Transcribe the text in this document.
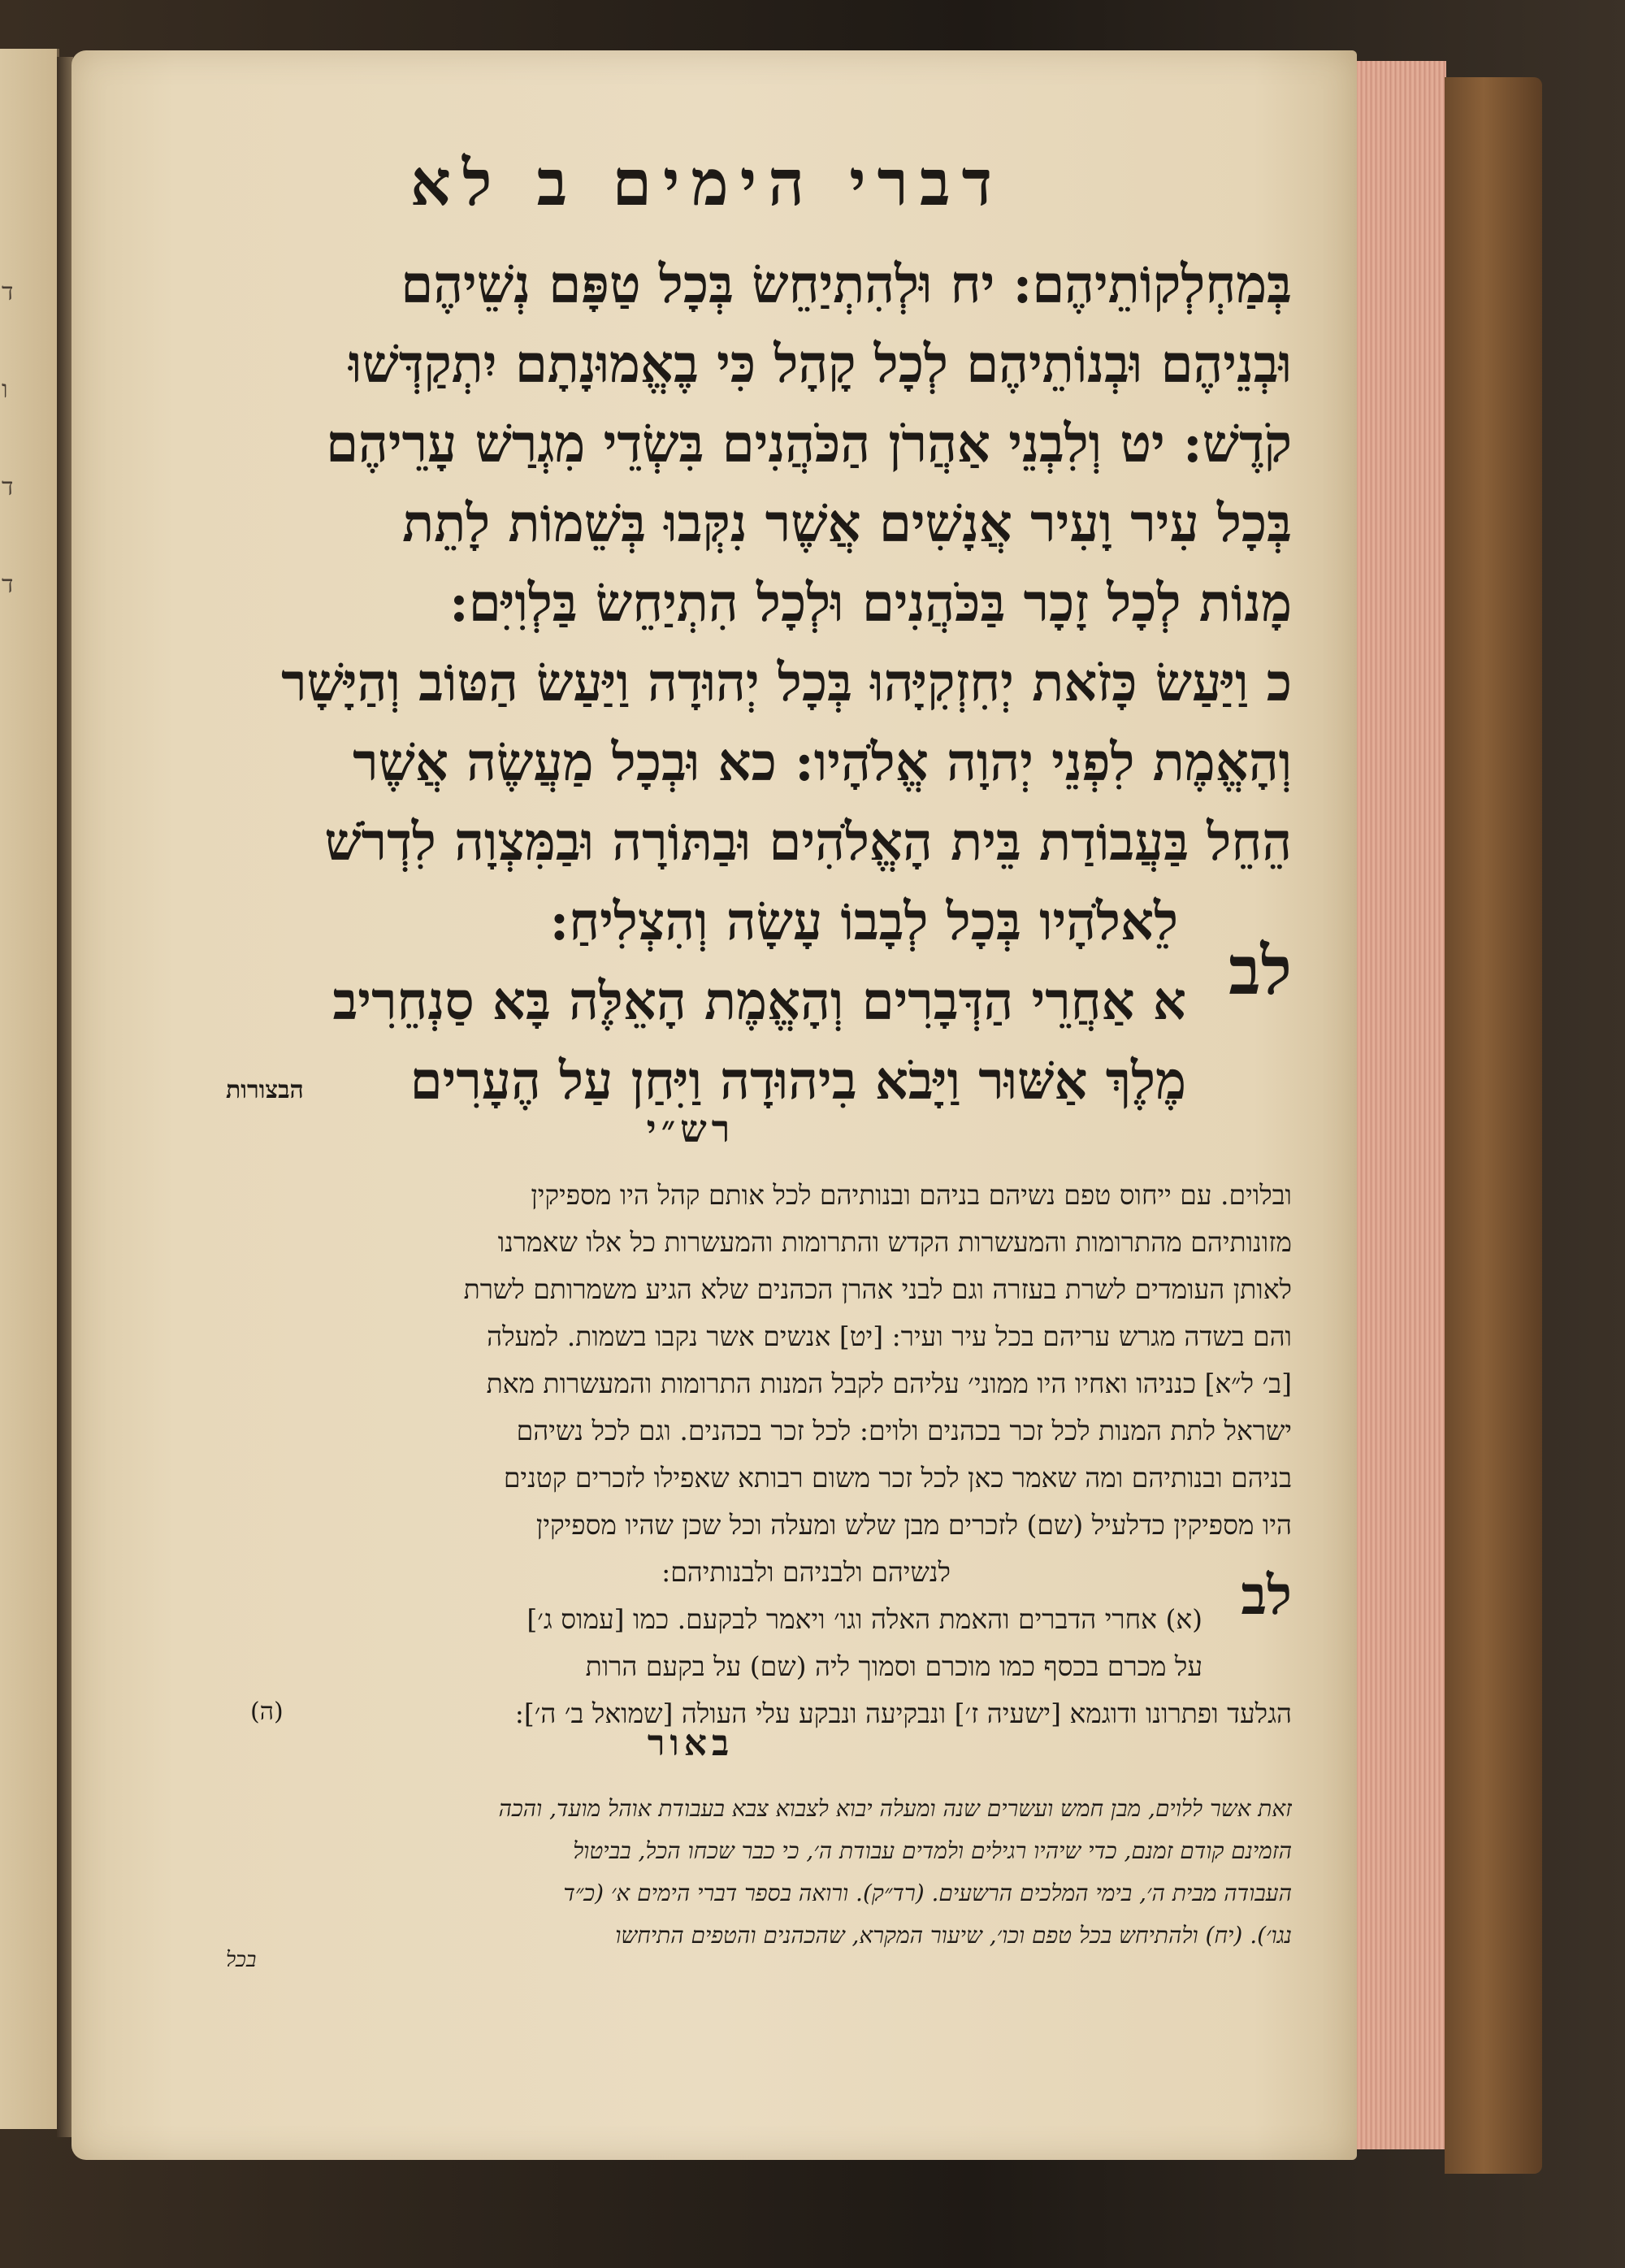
ד
ו
ד
ד
דברי הימים ב לא
בְּמַחְלְקוֹתֵיהֶם: יח וּלְהִתְיַחֵשׂ בְּכָל טַפָּם נְשֵׁיהֶם
וּבְנֵיהֶם וּבְנוֹתֵיהֶם לְכָל קָהָל כִּי בֶאֱמוּנָתָם יִתְקַדְּשׁוּ
קֹדֶשׁ: יט וְלִבְנֵי אַהֲרֹן הַכֹּהֲנִים בִּשְׂדֵי מִגְרַשׁ עָרֵיהֶם
בְּכָל עִיר וָעִיר אֲנָשִׁים אֲשֶׁר נִקְּבוּ בְּשֵׁמוֹת לָתֵת
מָנוֹת לְכָל זָכָר בַּכֹּהֲנִים וּלְכָל הִתְיַחֵשׂ בַּלְוִיִּם:
כ וַיַּעַשׂ כָּזֹאת יְחִזְקִיָּהוּ בְּכָל יְהוּדָה וַיַּעַשׂ הַטּוֹב וְהַיָּשָׁר
וְהָאֱמֶת לִפְנֵי יְהוָה אֱלֹהָיו: כא וּבְכָל מַעֲשֶׂה אֲשֶׁר
הֵחֵל בַּעֲבוֹדַת בֵּית הָאֱלֹהִים וּבַתּוֹרָה וּבַמִּצְוָה לִדְרֹשׁ
לֵאלֹהָיו בְּכָל לְבָבוֹ עָשָׂה וְהִצְלִיחַ:
א אַחֲרֵי הַדְּבָרִים וְהָאֱמֶת הָאֵלֶּה בָּא סַנְחֵרִיב
מֶלֶךְ אַשּׁוּר וַיָּבֹא בִיהוּדָה וַיִּחַן עַל הֶעָרִים
לב
הבצורות
רש״י
ובלוים. עם ייחוס טפם נשיהם בניהם ובנותיהם לכל אותם קהל היו מספיקין
מזונותיהם מהתרומות והמעשרות הקדש והתרומות והמעשרות כל אלו שאמרנו
לאותן העומדים לשרת בעזרה וגם לבני אהרן הכהנים שלא הגיע משמרותם לשרת
והם בשדה מגרש עריהם בכל עיר ועיר: [יט] אנשים אשר נקבו בשמות. למעלה
[ב׳ ל״א] כנניהו ואחיו היו ממוני׳ עליהם לקבל המנות התרומות והמעשרות מאת
ישראל לתת המנות לכל זכר בכהנים ולוים: לכל זכר בכהנים. וגם לכל נשיהם
בניהם ובנותיהם ומה שאמר כאן לכל זכר משום רבותא שאפילו לזכרים קטנים
היו מספיקין כדלעיל (שם) לזכרים מבן שלש ומעלה וכל שכן שהיו מספיקין
לנשיהם ולבניהם ולבנותיהם:
(א) אחרי הדברים והאמת האלה וגו׳ ויאמר לבקעם. כמו [עמוס ג׳]
על מכרם בכסף כמו מוכרם וסמוך ליה (שם) על בקעם הרות
הגלעד ופתרונו ודוגמא [ישעיה ז׳] ונבקיעה ונבקע עלי העולה [שמואל ב׳ ה׳]:
לב
(ה)
באור
זאת אשר ללוים, מבן חמש ועשרים שנה ומעלה יבוא לצבוא צבא בעבודת אוהל מועד, והכה
הזמינם קודם זמנם, כדי שיהיו רגילים ולמדים עבודת ה׳, כי כבר שכחו הכל, בביטול
העבודה מבית ה׳, בימי המלכים הרשעים. (רד״ק). ורואה בספר דברי הימים א׳ (כ״ד
נגו׳). (יח) ולהתיחש בכל טפם וכו׳, שיעור המקרא, שהכהנים והטפים התיחשו
בכל
